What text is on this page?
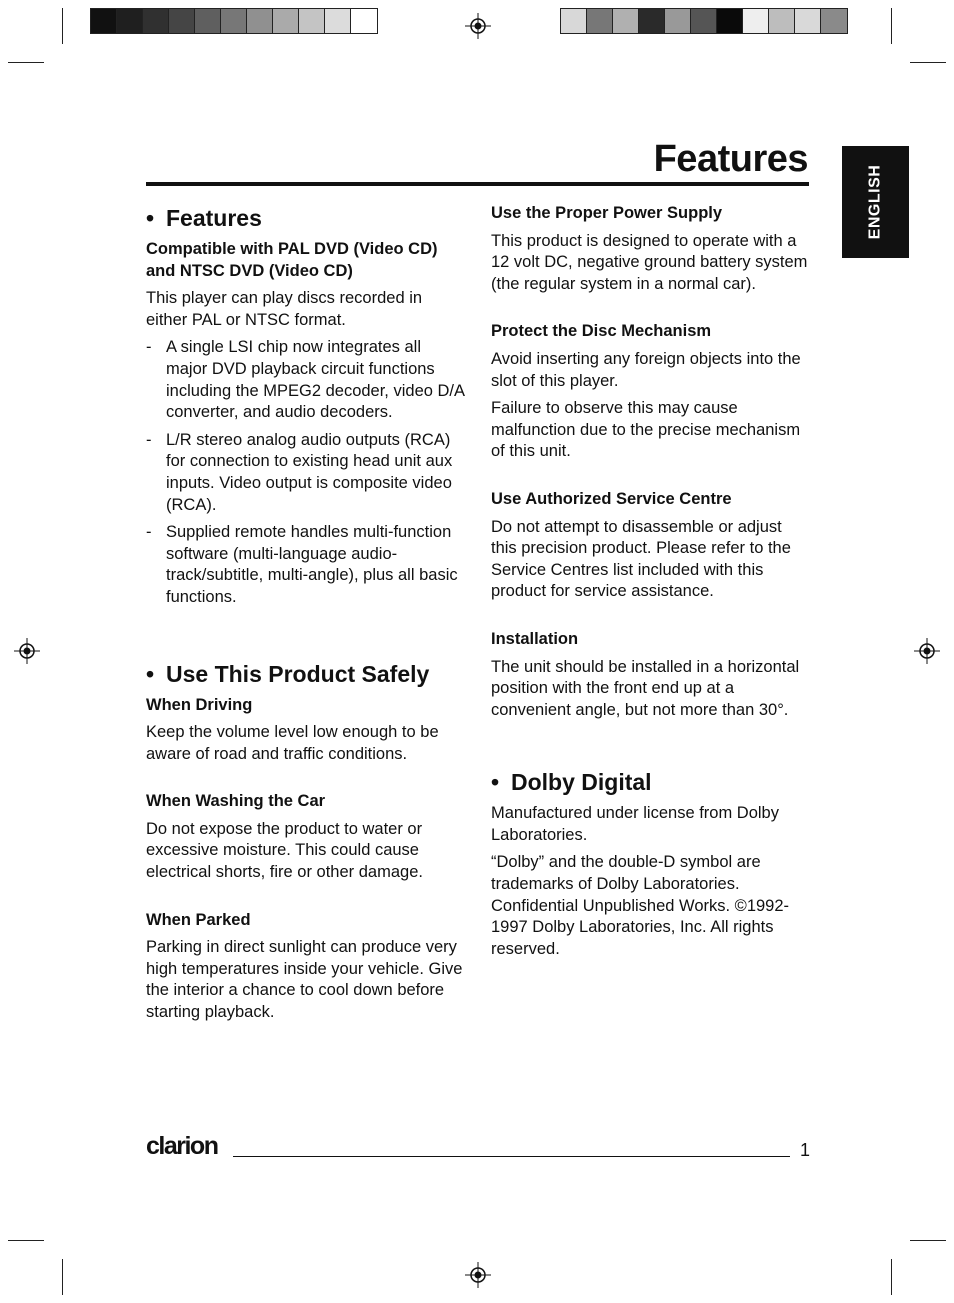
Features
ENGLISH
• Features
Compatible with PAL DVD (Video CD) and NTSC DVD (Video CD)

This player can play discs recorded in either PAL or NTSC format.

- A single LSI chip now integrates all major DVD playback circuit functions including the MPEG2 decoder, video D/A converter, and audio decoders.
- L/R stereo analog audio outputs (RCA) for connection to existing head unit aux inputs. Video output is composite video (RCA).
- Supplied remote handles multi-function software (multi-language audio-track/subtitle, multi-angle), plus all basic functions.
• Use This Product Safely
When Driving

Keep the volume level low enough to be aware of road and traffic conditions.

When Washing the Car

Do not expose the product to water or excessive moisture. This could cause electrical shorts, fire or other damage.

When Parked

Parking in direct sunlight can produce very high temperatures inside your vehicle. Give the interior a chance to cool down before starting playback.

Use the Proper Power Supply

This product is designed to operate with a 12 volt DC, negative ground battery system (the regular system in a normal car).

Protect the Disc Mechanism

Avoid inserting any foreign objects into the slot of this player.

Failure to observe this may cause malfunction due to the precise mechanism of this unit.

Use Authorized Service Centre

Do not attempt to disassemble or adjust this precision product. Please refer to the Service Centres list included with this product for service assistance.

Installation

The unit should be installed in a horizontal position with the front end up at a convenient angle, but not more than 30°.

• Dolby Digital

Manufactured under license from Dolby Laboratories.

“Dolby” and the double-D symbol are trademarks of Dolby Laboratories. Confidential Unpublished Works. ©1992-1997 Dolby Laboratories, Inc. All rights reserved.

clarion	1
